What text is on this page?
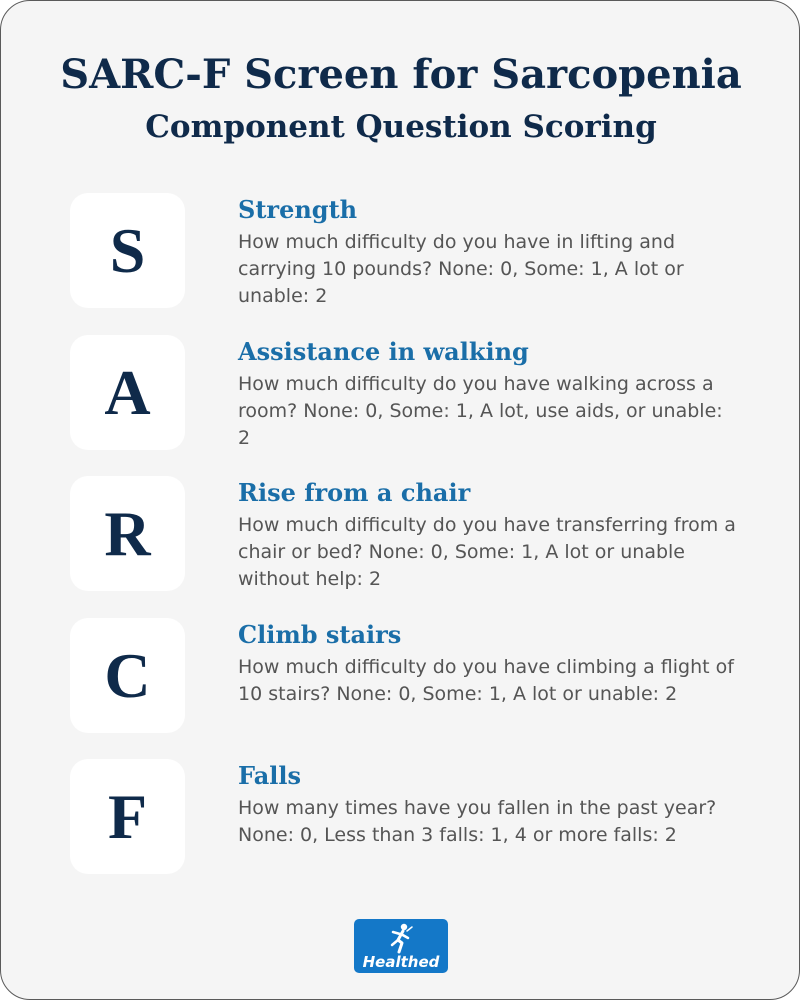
SARC-F Screen for Sarcopenia
Component Question Scoring
S
Strength
How much difficulty do you have in lifting and carrying 10 pounds? None: 0, Some: 1, A lot or unable: 2
A
Assistance in walking
How much difficulty do you have walking across a room? None: 0, Some: 1, A lot, use aids, or unable: 2
R
Rise from a chair
How much difficulty do you have transferring from a chair or bed? None: 0, Some: 1, A lot or unable without help: 2
C
Climb stairs
How much difficulty do you have climbing a flight of 10 stairs? None: 0, Some: 1, A lot or unable: 2
F
Falls
How many times have you fallen in the past year? None: 0, Less than 3 falls: 1, 4 or more falls: 2
Healthed
